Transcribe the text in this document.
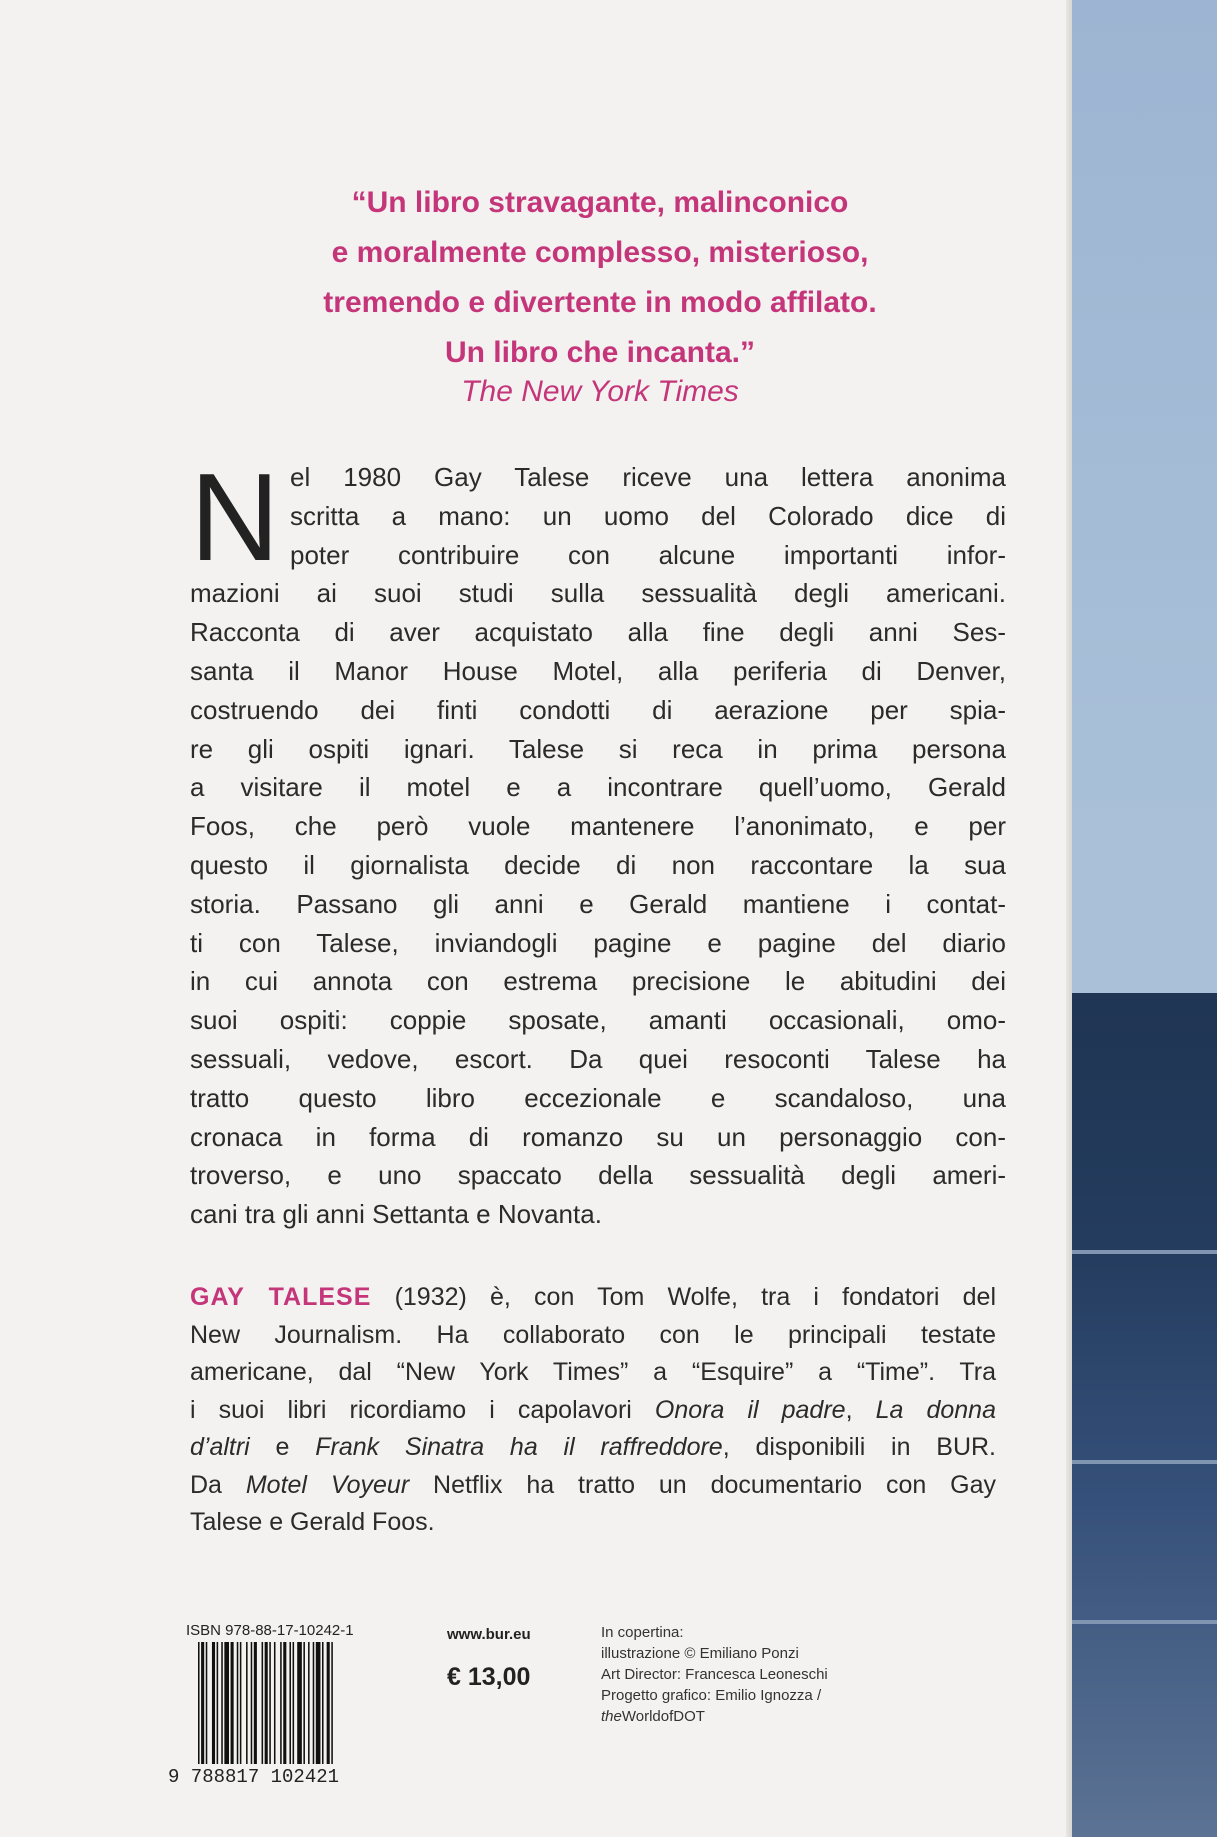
“Un libro stravagante, malinconico
e moralmente complesso, misterioso,
tremendo e divertente in modo affilato.
Un libro che incanta.”
The New York Times
N el 1980 Gay Talese riceve una lettera anonima
scritta a mano: un uomo del Colorado dice di
poter contribuire con alcune importanti infor-
mazioni ai suoi studi sulla sessualità degli americani.
Racconta di aver acquistato alla fine degli anni Ses-
santa il Manor House Motel, alla periferia di Denver,
costruendo dei finti condotti di aerazione per spia-
re gli ospiti ignari. Talese si reca in prima persona
a visitare il motel e a incontrare quell’uomo, Gerald
Foos, che però vuole mantenere l’anonimato, e per
questo il giornalista decide di non raccontare la sua
storia. Passano gli anni e Gerald mantiene i contat-
ti con Talese, inviandogli pagine e pagine del diario
in cui annota con estrema precisione le abitudini dei
suoi ospiti: coppie sposate, amanti occasionali, omo-
sessuali, vedove, escort. Da quei resoconti Talese ha
tratto questo libro eccezionale e scandaloso, una
cronaca in forma di romanzo su un personaggio con-
troverso, e uno spaccato della sessualità degli ameri-
cani tra gli anni Settanta e Novanta.
GAY TALESE (1932) è, con Tom Wolfe, tra i fondatori del
New Journalism. Ha collaborato con le principali testate
americane, dal “New York Times” a “Esquire” a “Time”. Tra
i suoi libri ricordiamo i capolavori Onora il padre, La donna
d’altri e Frank Sinatra ha il raffreddore, disponibili in BUR.
Da Motel Voyeur Netflix ha tratto un documentario con Gay
Talese e Gerald Foos.
ISBN 978-88-17-10242-1
9 788817 102421
www.bur.eu
€ 13,00
In copertina:
illustrazione © Emiliano Ponzi
Art Director: Francesca Leoneschi
Progetto grafico: Emilio Ignozza /
theWorldofDOT
